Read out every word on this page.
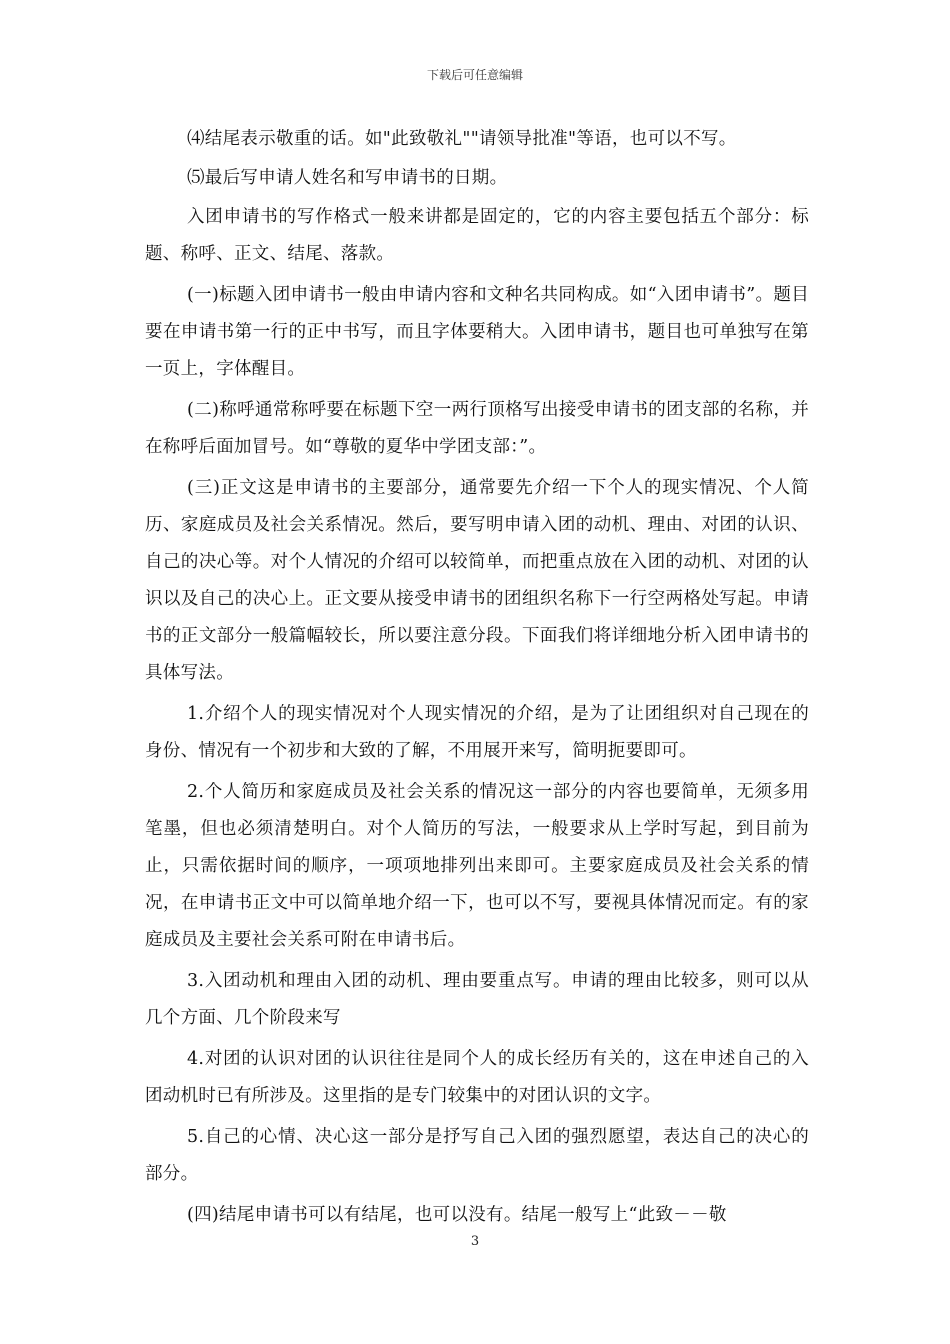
下载后可任意编辑

⑷结尾表示敬重的话。如"此致敬礼""请领导批准"等语，也可以不写。

⑸最后写申请人姓名和写申请书的日期。

入团申请书的写作格式一般来讲都是固定的，它的内容主要包括五个部分：标题、称呼、正文、结尾、落款。

(一)标题入团申请书一般由申请内容和文种名共同构成。如“入团申请书”。题目要在申请书第一行的正中书写，而且字体要稍大。入团申请书，题目也可单独写在第一页上，字体醒目。

(二)称呼通常称呼要在标题下空一两行顶格写出接受申请书的团支部的名称，并在称呼后面加冒号。如“尊敬的夏华中学团支部：”。

(三)正文这是申请书的主要部分，通常要先介绍一下个人的现实情况、个人简历、家庭成员及社会关系情况。然后，要写明申请入团的动机、理由、对团的认识、自己的决心等。对个人情况的介绍可以较简单，而把重点放在入团的动机、对团的认识以及自己的决心上。正文要从接受申请书的团组织名称下一行空两格处写起。申请书的正文部分一般篇幅较长，所以要注意分段。下面我们将详细地分析入团申请书的具体写法。

1.介绍个人的现实情况对个人现实情况的介绍，是为了让团组织对自己现在的身份、情况有一个初步和大致的了解，不用展开来写，简明扼要即可。

2.个人简历和家庭成员及社会关系的情况这一部分的内容也要简单，无须多用笔墨，但也必须清楚明白。对个人简历的写法，一般要求从上学时写起，到目前为止，只需依据时间的顺序，一项项地排列出来即可。主要家庭成员及社会关系的情况，在申请书正文中可以简单地介绍一下，也可以不写，要视具体情况而定。有的家庭成员及主要社会关系可附在申请书后。

3.入团动机和理由入团的动机、理由要重点写。申请的理由比较多，则可以从几个方面、几个阶段来写

4.对团的认识对团的认识往往是同个人的成长经历有关的，这在申述自己的入团动机时已有所涉及。这里指的是专门较集中的对团认识的文字。

5.自己的心情、决心这一部分是抒写自己入团的强烈愿望，表达自己的决心的部分。

(四)结尾申请书可以有结尾，也可以没有。结尾一般写上“此致－－敬

3
